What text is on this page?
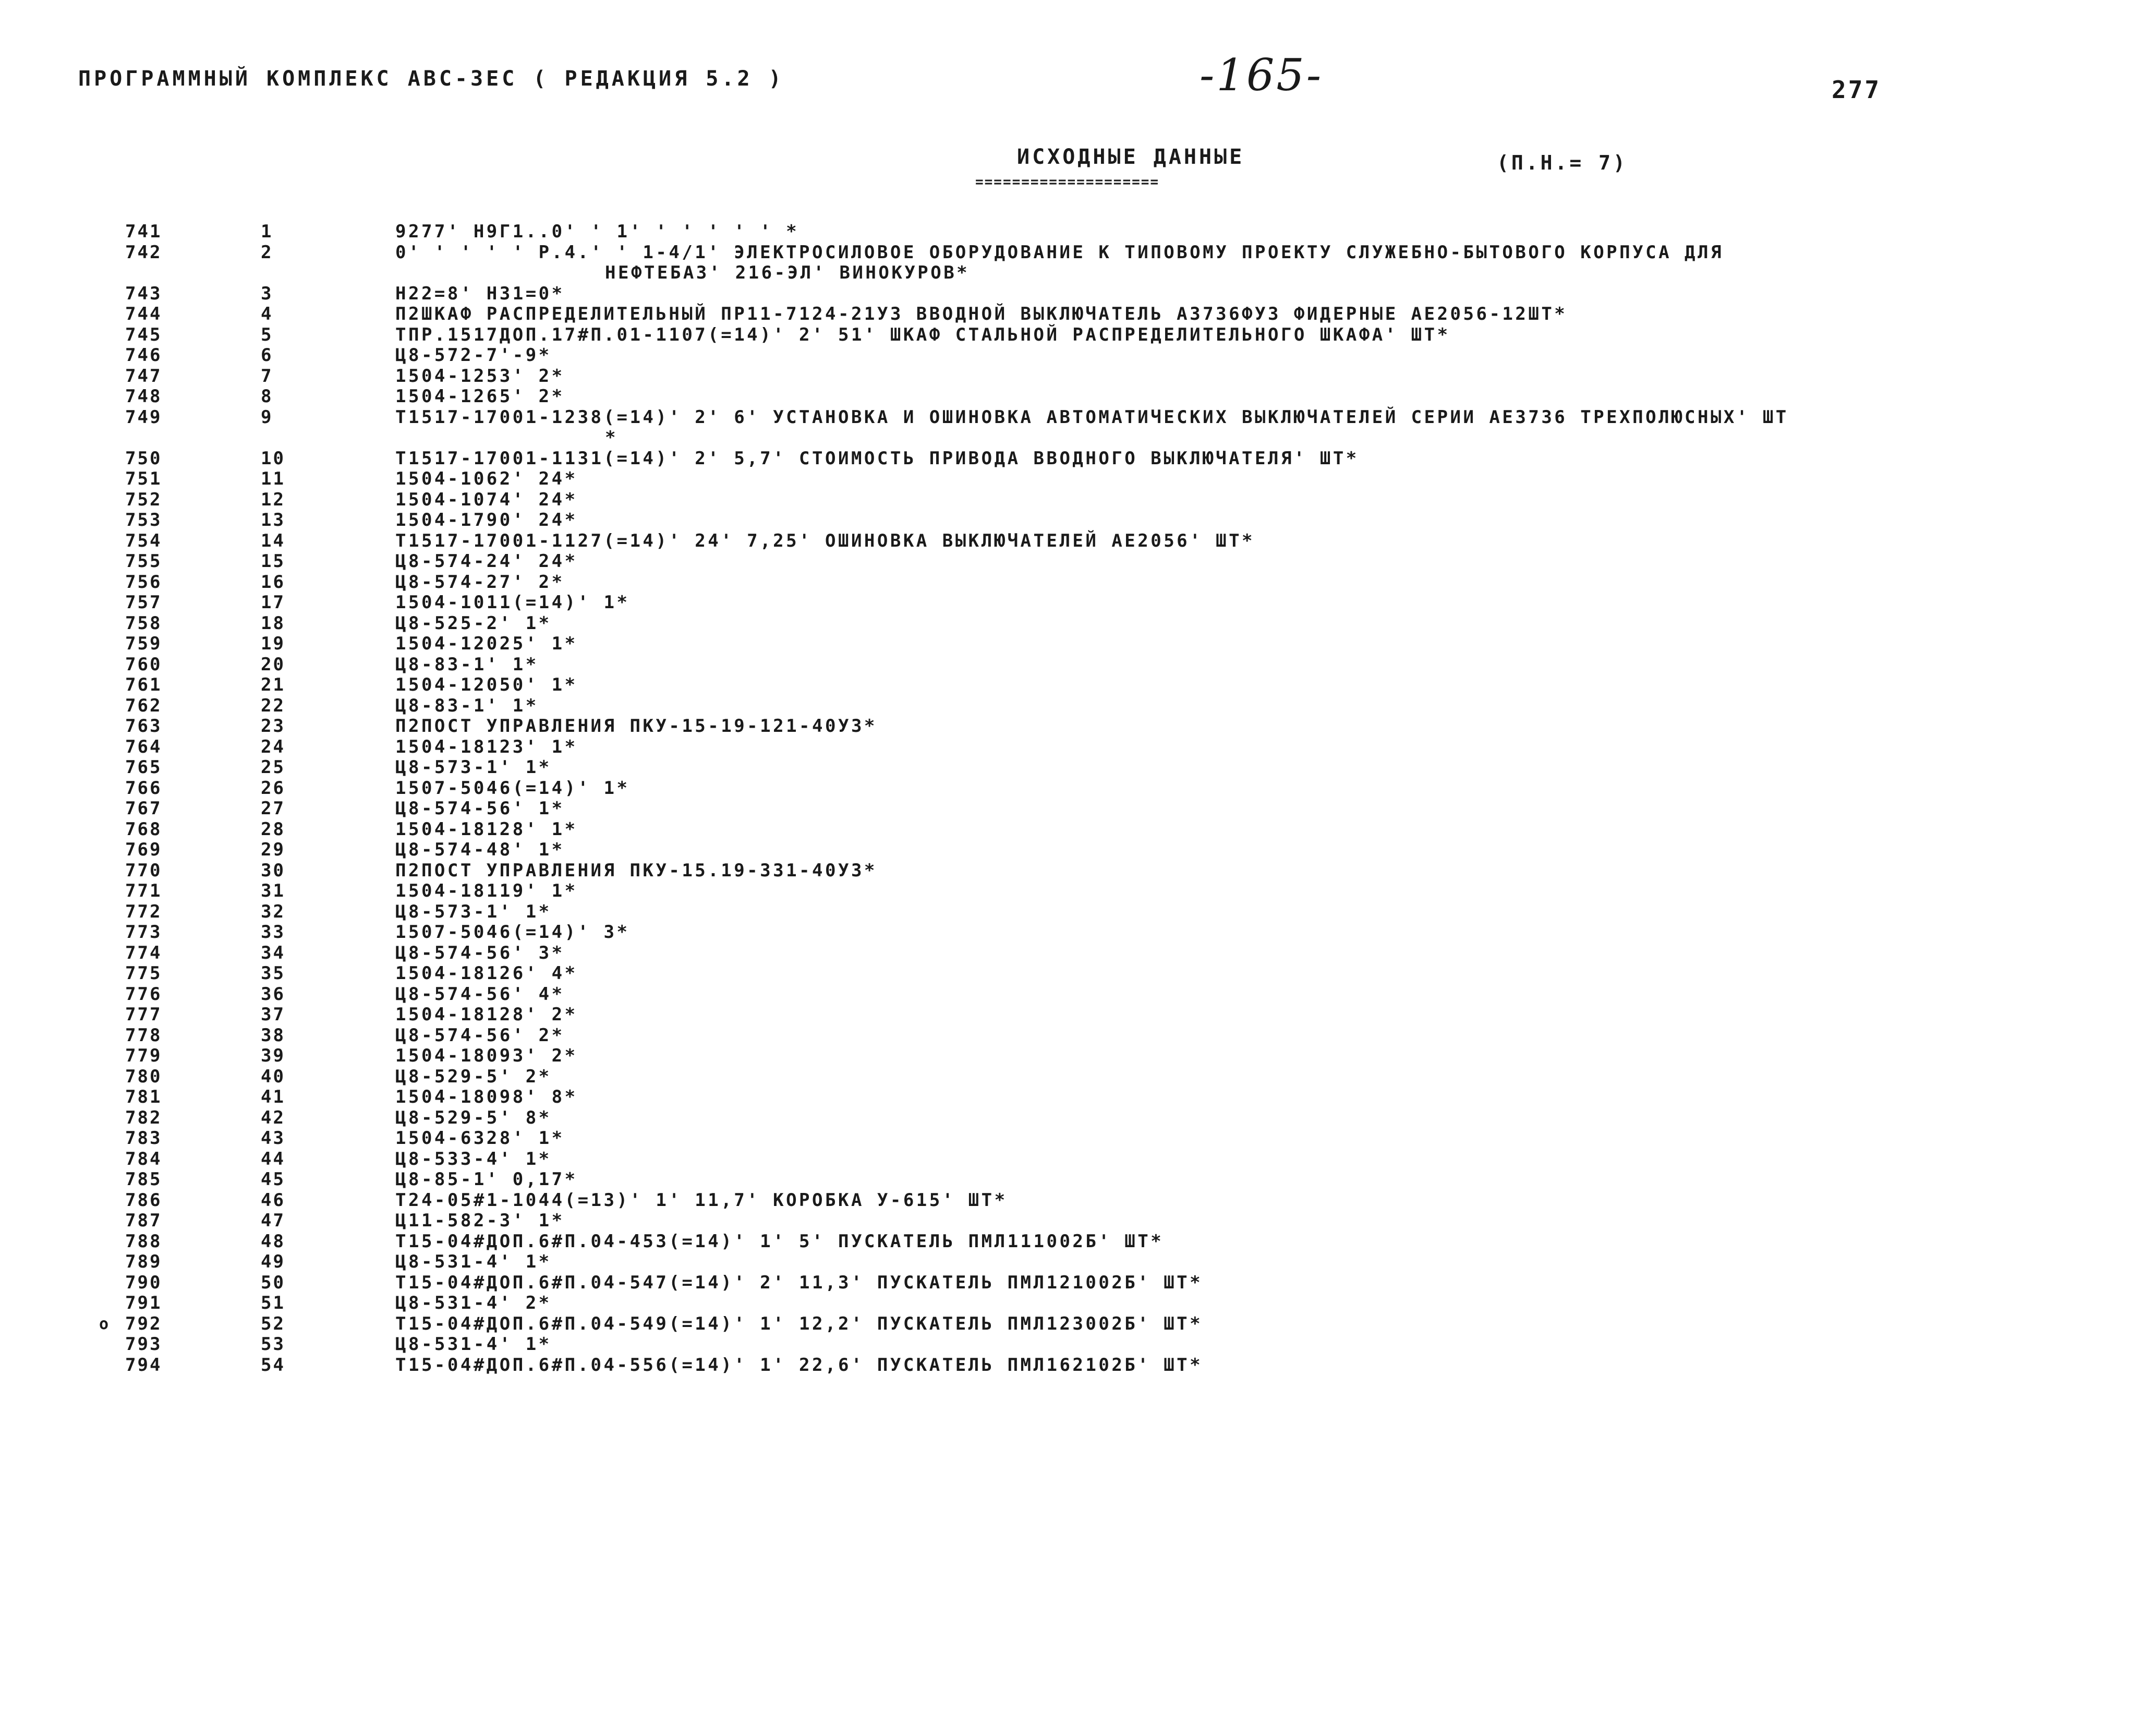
ПРОГРАММНЫЙ КОМПЛЕКС АВС-ЗЕС ( РЕДАКЦИЯ 5.2 )	-165-	277
ИСХОДНЫЕ ДАННЫЕ
====================
(П.Н.= 7)
741	1	9277' Н9Г1..0' ' 1' ' ' ' ' ' *
742	2	0' ' ' ' ' Р.4.' ' 1-4/1' ЭЛЕКТРОСИЛОВОЕ ОБОРУДОВАНИЕ К ТИПОВОМУ ПРОЕКТУ СЛУЖЕБНО-БЫТОВОГО КОРПУСА ДЛЯ
НЕФТЕБАЗ' 216-ЭЛ' ВИНОКУРОВ*
743	3	Н22=8' Н31=0*
744	4	П2ШКАФ РАСПРЕДЕЛИТЕЛЬНЫЙ ПР11-7124-21УЗ ВВОДНОЙ ВЫКЛЮЧАТЕЛЬ А3736ФУЗ ФИДЕРНЫЕ АЕ2056-12ШТ*
745	5	ТПР.1517ДОП.17#П.01-1107(=14)' 2' 51' ШКАФ СТАЛЬНОЙ РАСПРЕДЕЛИТЕЛЬНОГО ШКАФА' ШТ*
746	6	Ц8-572-7'-9*
747	7	1504-1253' 2*
748	8	1504-1265' 2*
749	9	Т1517-17001-1238(=14)' 2' 6' УСТАНОВКА И ОШИНОВКА АВТОМАТИЧЕСКИХ ВЫКЛЮЧАТЕЛЕЙ СЕРИИ АЕ3736 ТРЕХПОЛЮСНЫХ' ШТ
*
750	10	Т1517-17001-1131(=14)' 2' 5,7' СТОИМОСТЬ ПРИВОДА ВВОДНОГО ВЫКЛЮЧАТЕЛЯ' ШТ*
751	11	1504-1062' 24*
752	12	1504-1074' 24*
753	13	1504-1790' 24*
754	14	Т1517-17001-1127(=14)' 24' 7,25' ОШИНОВКА ВЫКЛЮЧАТЕЛЕЙ АЕ2056' ШТ*
755	15	Ц8-574-24' 24*
756	16	Ц8-574-27' 2*
757	17	1504-1011(=14)' 1*
758	18	Ц8-525-2' 1*
759	19	1504-12025' 1*
760	20	Ц8-83-1' 1*
761	21	1504-12050' 1*
762	22	Ц8-83-1' 1*
763	23	П2ПОСТ УПРАВЛЕНИЯ ПКУ-15-19-121-40УЗ*
764	24	1504-18123' 1*
765	25	Ц8-573-1' 1*
766	26	1507-5046(=14)' 1*
767	27	Ц8-574-56' 1*
768	28	1504-18128' 1*
769	29	Ц8-574-48' 1*
770	30	П2ПОСТ УПРАВЛЕНИЯ ПКУ-15.19-331-40УЗ*
771	31	1504-18119' 1*
772	32	Ц8-573-1' 1*
773	33	1507-5046(=14)' 3*
774	34	Ц8-574-56' 3*
775	35	1504-18126' 4*
776	36	Ц8-574-56' 4*
777	37	1504-18128' 2*
778	38	Ц8-574-56' 2*
779	39	1504-18093' 2*
780	40	Ц8-529-5' 2*
781	41	1504-18098' 8*
782	42	Ц8-529-5' 8*
783	43	1504-6328' 1*
784	44	Ц8-533-4' 1*
785	45	Ц8-85-1' 0,17*
786	46	Т24-05#1-1044(=13)' 1' 11,7' КОРОБКА У-615' ШТ*
787	47	Ц11-582-3' 1*
788	48	Т15-04#ДОП.6#П.04-453(=14)' 1' 5' ПУСКАТЕЛЬ ПМЛ111002Б' ШТ*
789	49	Ц8-531-4' 1*
790	50	Т15-04#ДОП.6#П.04-547(=14)' 2' 11,3' ПУСКАТЕЛЬ ПМЛ121002Б' ШТ*
791	51	Ц8-531-4' 2*
о 792	52	Т15-04#ДОП.6#П.04-549(=14)' 1' 12,2' ПУСКАТЕЛЬ ПМЛ123002Б' ШТ*
793	53	Ц8-531-4' 1*
794	54	Т15-04#ДОП.6#П.04-556(=14)' 1' 22,6' ПУСКАТЕЛЬ ПМЛ162102Б' ШТ*
